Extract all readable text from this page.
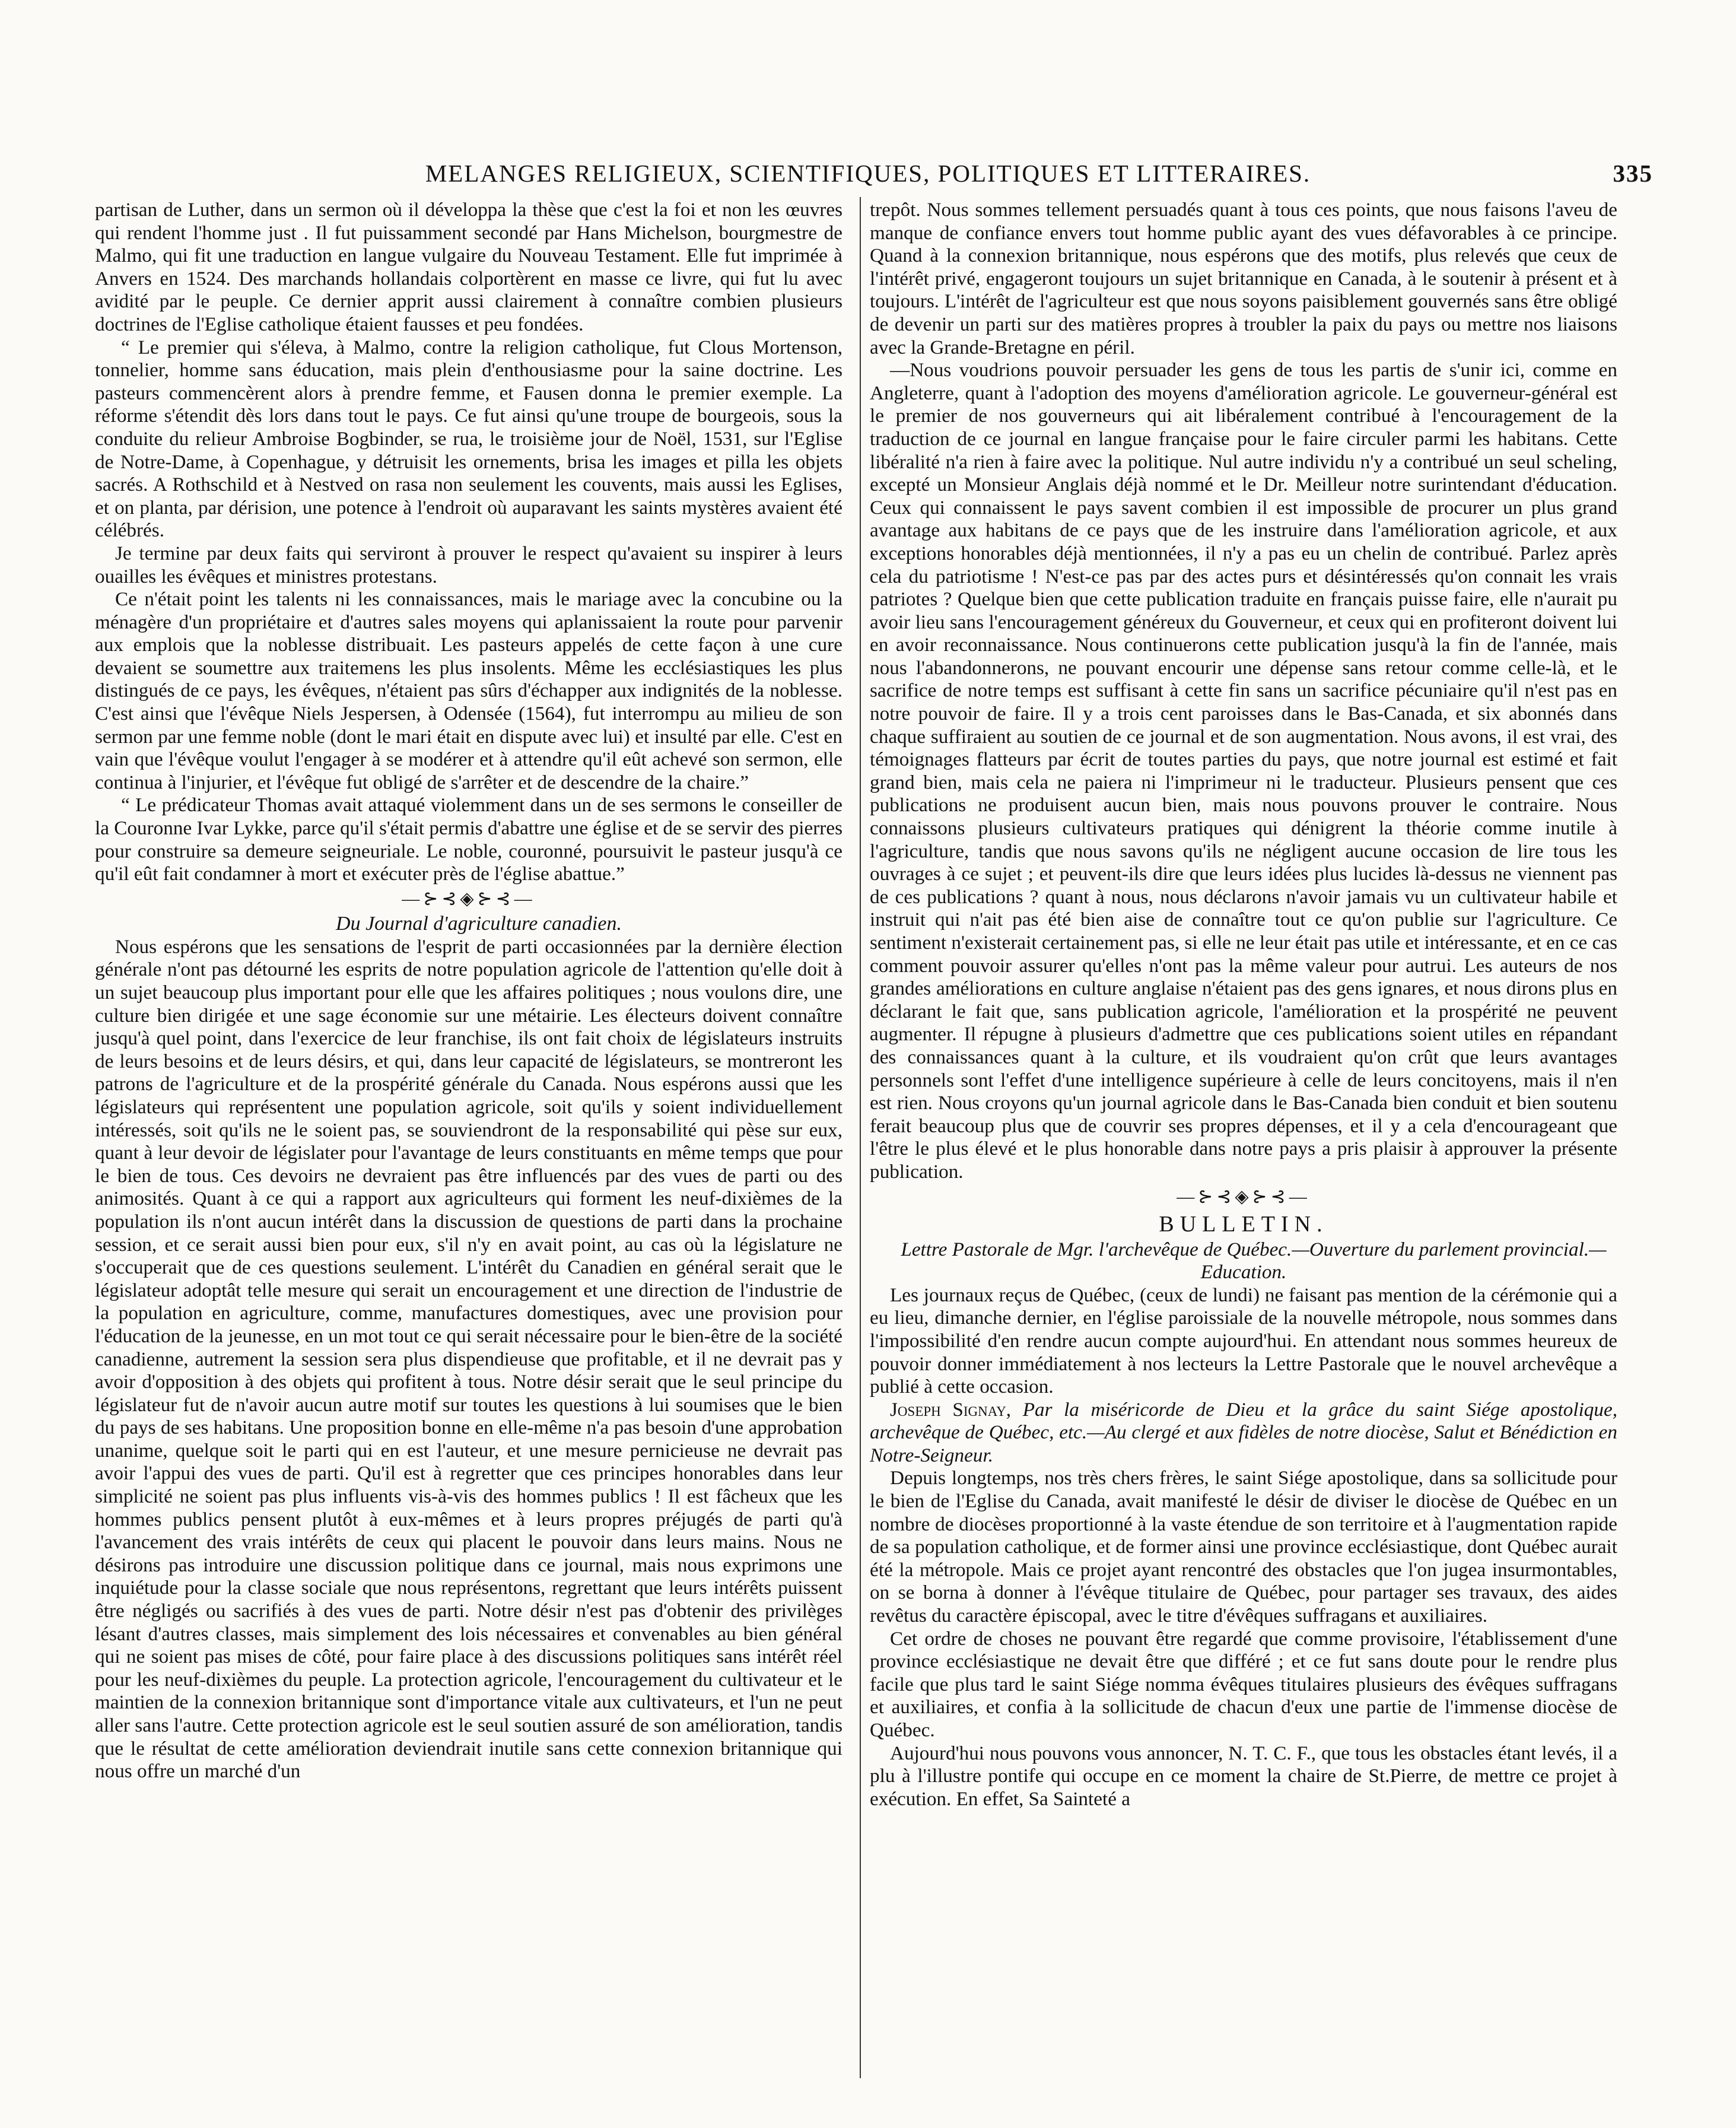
MELANGES RELIGIEUX, SCIENTIFIQUES, POLITIQUES ET LITTERAIRES.	335

partisan de Luther, dans un sermon où il développa la thèse que c'est la foi et non les œuvres qui rendent l'homme just . Il fut puissamment secondé par Hans Michelson, bourgmestre de Malmo, qui fit une traduction en langue vulgaire du Nouveau Testament. Elle fut imprimée à Anvers en 1524. Des marchands hollandais colportèrent en masse ce livre, qui fut lu avec avidité par le peuple. Ce dernier apprit aussi clairement à connaître combien plusieurs doctrines de l'Eglise catholique étaient fausses et peu fondées.

“ Le premier qui s'éleva, à Malmo, contre la religion catholique, fut Clous Mortenson, tonnelier, homme sans éducation, mais plein d'enthousiasme pour la saine doctrine. Les pasteurs commencèrent alors à prendre femme, et Fausen donna le premier exemple. La réforme s'étendit dès lors dans tout le pays. Ce fut ainsi qu'une troupe de bourgeois, sous la conduite du relieur Ambroise Bogbinder, se rua, le troisième jour de Noël, 1531, sur l'Eglise de Notre-Dame, à Copenhague, y détruisit les ornements, brisa les images et pilla les objets sacrés. A Rothschild et à Nestved on rasa non seulement les couvents, mais aussi les Eglises, et on planta, par dérision, une potence à l'endroit où auparavant les saints mystères avaient été célébrés.

Je termine par deux faits qui serviront à prouver le respect qu'avaient su inspirer à leurs ouailles les évêques et ministres protestans.

Ce n'était point les talents ni les connaissances, mais le mariage avec la concubine ou la ménagère d'un propriétaire et d'autres sales moyens qui aplanissaient la route pour parvenir aux emplois que la noblesse distribuait. Les pasteurs appelés de cette façon à une cure devaient se soumettre aux traitemens les plus insolents. Même les ecclésiastiques les plus distingués de ce pays, les évêques, n'étaient pas sûrs d'échapper aux indignités de la noblesse. C'est ainsi que l'évêque Niels Jespersen, à Odensée (1564), fut interrompu au milieu de son sermon par une femme noble (dont le mari était en dispute avec lui) et insulté par elle. C'est en vain que l'évêque voulut l'engager à se modérer et à attendre qu'il eût achevé son sermon, elle continua à l'injurier, et l'évêque fut obligé de s'arrêter et de descendre de la chaire.”

“ Le prédicateur Thomas avait attaqué violemment dans un de ses sermons le conseiller de la Couronne Ivar Lykke, parce qu'il s'était permis d'abattre une église et de se servir des pierres pour construire sa demeure seigneuriale. Le noble, couronné, poursuivit le pasteur jusqu'à ce qu'il eût fait condamner à mort et exécuter près de l'église abattue.”

—⊱⊰◈⊱⊰—

Du Journal d'agriculture canadien.

Nous espérons que les sensations de l'esprit de parti occasionnées par la dernière élection générale n'ont pas détourné les esprits de notre population agricole de l'attention qu'elle doit à un sujet beaucoup plus important pour elle que les affaires politiques ; nous voulons dire, une culture bien dirigée et une sage économie sur une métairie. Les électeurs doivent connaître jusqu'à quel point, dans l'exercice de leur franchise, ils ont fait choix de législateurs instruits de leurs besoins et de leurs désirs, et qui, dans leur capacité de législateurs, se montreront les patrons de l'agriculture et de la prospérité générale du Canada. Nous espérons aussi que les législateurs qui représentent une population agricole, soit qu'ils y soient individuellement intéressés, soit qu'ils ne le soient pas, se souviendront de la responsabilité qui pèse sur eux, quant à leur devoir de législater pour l'avantage de leurs constituants en même temps que pour le bien de tous. Ces devoirs ne devraient pas être influencés par des vues de parti ou des animosités. Quant à ce qui a rapport aux agriculteurs qui forment les neuf-dixièmes de la population ils n'ont aucun intérêt dans la discussion de questions de parti dans la prochaine session, et ce serait aussi bien pour eux, s'il n'y en avait point, au cas où la législature ne s'occuperait que de ces questions seulement. L'intérêt du Canadien en général serait que le législateur adoptât telle mesure qui serait un encouragement et une direction de l'industrie de la population en agriculture, comme, manufactures domestiques, avec une provision pour l'éducation de la jeunesse, en un mot tout ce qui serait nécessaire pour le bien-être de la société canadienne, autrement la session sera plus dispendieuse que profitable, et il ne devrait pas y avoir d'opposition à des objets qui profitent à tous. Notre désir serait que le seul principe du législateur fut de n'avoir aucun autre motif sur toutes les questions à lui soumises que le bien du pays de ses habitans. Une proposition bonne en elle-même n'a pas besoin d'une approbation unanime, quelque soit le parti qui en est l'auteur, et une mesure pernicieuse ne devrait pas avoir l'appui des vues de parti. Qu'il est à regretter que ces principes honorables dans leur simplicité ne soient pas plus influents vis-à-vis des hommes publics ! Il est fâcheux que les hommes publics pensent plutôt à eux-mêmes et à leurs propres préjugés de parti qu'à l'avancement des vrais intérêts de ceux qui placent le pouvoir dans leurs mains. Nous ne désirons pas introduire une discussion politique dans ce journal, mais nous exprimons une inquiétude pour la classe sociale que nous représentons, regrettant que leurs intérêts puissent être négligés ou sacrifiés à des vues de parti. Notre désir n'est pas d'obtenir des privilèges lésant d'autres classes, mais simplement des lois nécessaires et convenables au bien général qui ne soient pas mises de côté, pour faire place à des discussions politiques sans intérêt réel pour les neuf-dixièmes du peuple. La protection agricole, l'encouragement du cultivateur et le maintien de la connexion britannique sont d'importance vitale aux cultivateurs, et l'un ne peut aller sans l'autre. Cette protection agricole est le seul soutien assuré de son amélioration, tandis que le résultat de cette amélioration deviendrait inutile sans cette connexion britannique qui nous offre un marché d'un

trepôt. Nous sommes tellement persuadés quant à tous ces points, que nous faisons l'aveu de manque de confiance envers tout homme public ayant des vues défavorables à ce principe. Quand à la connexion britannique, nous espérons que des motifs, plus relevés que ceux de l'intérêt privé, engageront toujours un sujet britannique en Canada, à le soutenir à présent et à toujours. L'intérêt de l'agriculteur est que nous soyons paisiblement gouvernés sans être obligé de devenir un parti sur des matières propres à troubler la paix du pays ou mettre nos liaisons avec la Grande-Bretagne en péril.

—Nous voudrions pouvoir persuader les gens de tous les partis de s'unir ici, comme en Angleterre, quant à l'adoption des moyens d'amélioration agricole. Le gouverneur-général est le premier de nos gouverneurs qui ait libéralement contribué à l'encouragement de la traduction de ce journal en langue française pour le faire circuler parmi les habitans. Cette libéralité n'a rien à faire avec la politique. Nul autre individu n'y a contribué un seul scheling, excepté un Monsieur Anglais déjà nommé et le Dr. Meilleur notre surintendant d'éducation. Ceux qui connaissent le pays savent combien il est impossible de procurer un plus grand avantage aux habitans de ce pays que de les instruire dans l'amélioration agricole, et aux exceptions honorables déjà mentionnées, il n'y a pas eu un chelin de contribué. Parlez après cela du patriotisme ! N'est-ce pas par des actes purs et désintéressés qu'on connait les vrais patriotes ? Quelque bien que cette publication traduite en français puisse faire, elle n'aurait pu avoir lieu sans l'encouragement généreux du Gouverneur, et ceux qui en profiteront doivent lui en avoir reconnaissance. Nous continuerons cette publication jusqu'à la fin de l'année, mais nous l'abandonnerons, ne pouvant encourir une dépense sans retour comme celle-là, et le sacrifice de notre temps est suffisant à cette fin sans un sacrifice pécuniaire qu'il n'est pas en notre pouvoir de faire. Il y a trois cent paroisses dans le Bas-Canada, et six abonnés dans chaque suffiraient au soutien de ce journal et de son augmentation. Nous avons, il est vrai, des témoignages flatteurs par écrit de toutes parties du pays, que notre journal est estimé et fait grand bien, mais cela ne paiera ni l'imprimeur ni le traducteur. Plusieurs pensent que ces publications ne produisent aucun bien, mais nous pouvons prouver le contraire. Nous connaissons plusieurs cultivateurs pratiques qui dénigrent la théorie comme inutile à l'agriculture, tandis que nous savons qu'ils ne négligent aucune occasion de lire tous les ouvrages à ce sujet ; et peuvent-ils dire que leurs idées plus lucides là-dessus ne viennent pas de ces publications ? quant à nous, nous déclarons n'avoir jamais vu un cultivateur habile et instruit qui n'ait pas été bien aise de connaître tout ce qu'on publie sur l'agriculture. Ce sentiment n'existerait certainement pas, si elle ne leur était pas utile et intéressante, et en ce cas comment pouvoir assurer qu'elles n'ont pas la même valeur pour autrui. Les auteurs de nos grandes améliorations en culture anglaise n'étaient pas des gens ignares, et nous dirons plus en déclarant le fait que, sans publication agricole, l'amélioration et la prospérité ne peuvent augmenter. Il répugne à plusieurs d'admettre que ces publications soient utiles en répandant des connaissances quant à la culture, et ils voudraient qu'on crût que leurs avantages personnels sont l'effet d'une intelligence supérieure à celle de leurs concitoyens, mais il n'en est rien. Nous croyons qu'un journal agricole dans le Bas-Canada bien conduit et bien soutenu ferait beaucoup plus que de couvrir ses propres dépenses, et il y a cela d'encourageant que l'être le plus élevé et le plus honorable dans notre pays a pris plaisir à approuver la présente publication.

—⊱⊰◈⊱⊰—
BULLETIN.

Lettre Pastorale de Mgr. l'archevêque de Québec.—Ouverture du parlement provincial.—Education.

Les journaux reçus de Québec, (ceux de lundi) ne faisant pas mention de la cérémonie qui a eu lieu, dimanche dernier, en l'église paroissiale de la nouvelle métropole, nous sommes dans l'impossibilité d'en rendre aucun compte aujourd'hui. En attendant nous sommes heureux de pouvoir donner immédiatement à nos lecteurs la Lettre Pastorale que le nouvel archevêque a publié à cette occasion.

Joseph Signay, Par la miséricorde de Dieu et la grâce du saint Siége apostolique, archevêque de Québec, etc.—Au clergé et aux fidèles de notre diocèse, Salut et Bénédiction en Notre-Seigneur.

Depuis longtemps, nos très chers frères, le saint Siége apostolique, dans sa sollicitude pour le bien de l'Eglise du Canada, avait manifesté le désir de diviser le diocèse de Québec en un nombre de diocèses proportionné à la vaste étendue de son territoire et à l'augmentation rapide de sa population catholique, et de former ainsi une province ecclésiastique, dont Québec aurait été la métropole. Mais ce projet ayant rencontré des obstacles que l'on jugea insurmontables, on se borna à donner à l'évêque titulaire de Québec, pour partager ses travaux, des aides revêtus du caractère épiscopal, avec le titre d'évêques suffragans et auxiliaires.

Cet ordre de choses ne pouvant être regardé que comme provisoire, l'établissement d'une province ecclésiastique ne devait être que différé ; et ce fut sans doute pour le rendre plus facile que plus tard le saint Siége nomma évêques titulaires plusieurs des évêques suffragans et auxiliaires, et confia à la sollicitude de chacun d'eux une partie de l'immense diocèse de Québec.

Aujourd'hui nous pouvons vous annoncer, N. T. C. F., que tous les obstacles étant levés, il a plu à l'illustre pontife qui occupe en ce moment la chaire de St.Pierre, de mettre ce projet à exécution. En effet, Sa Sainteté a
